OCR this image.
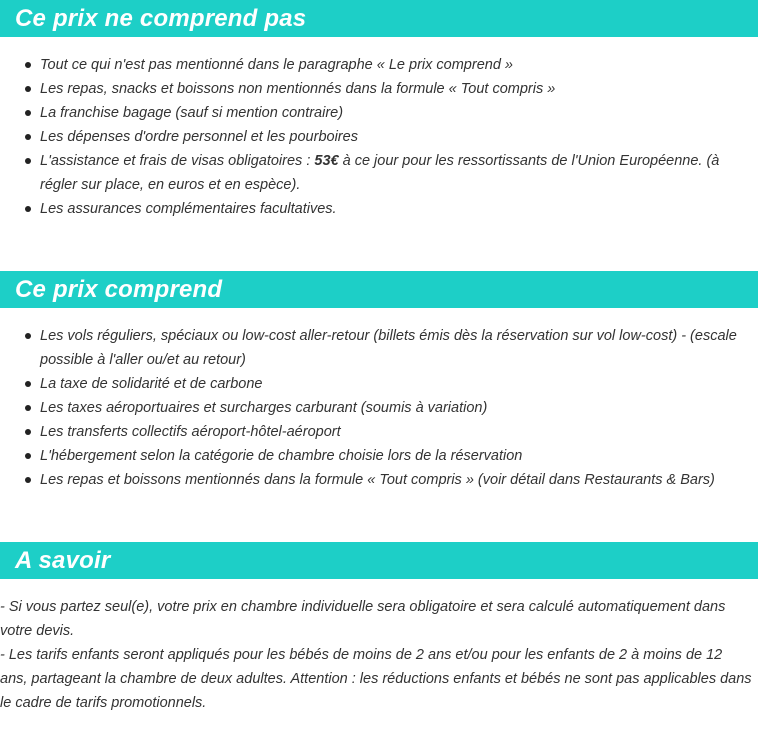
Ce prix ne comprend pas
Tout ce qui n'est pas mentionné dans le paragraphe « Le prix comprend »
Les repas, snacks et boissons non mentionnés dans la formule « Tout compris »
La franchise bagage (sauf si mention contraire)
Les dépenses d'ordre personnel et les pourboires
L'assistance et frais de visas obligatoires : 53€ à ce jour pour les ressortissants de l'Union Européenne. (à régler sur place, en euros et en espèce).
Les assurances complémentaires facultatives.
Ce prix comprend
Les vols réguliers, spéciaux ou low-cost aller-retour (billets émis dès la réservation sur vol low-cost) - (escale possible à l'aller ou/et au retour)
La taxe de solidarité et de carbone
Les taxes aéroportuaires et surcharges carburant (soumis à variation)
Les transferts collectifs aéroport-hôtel-aéroport
L'hébergement selon la catégorie de chambre choisie lors de la réservation
Les repas et boissons mentionnés dans la formule « Tout compris » (voir détail dans Restaurants & Bars)
A savoir
- Si vous partez seul(e), votre prix en chambre individuelle sera obligatoire et sera calculé automatiquement dans votre devis.
- Les tarifs enfants seront appliqués pour les bébés de moins de 2 ans et/ou pour les enfants de 2 à moins de 12 ans, partageant la chambre de deux adultes. Attention : les réductions enfants et bébés ne sont pas applicables dans le cadre de tarifs promotionnels.
